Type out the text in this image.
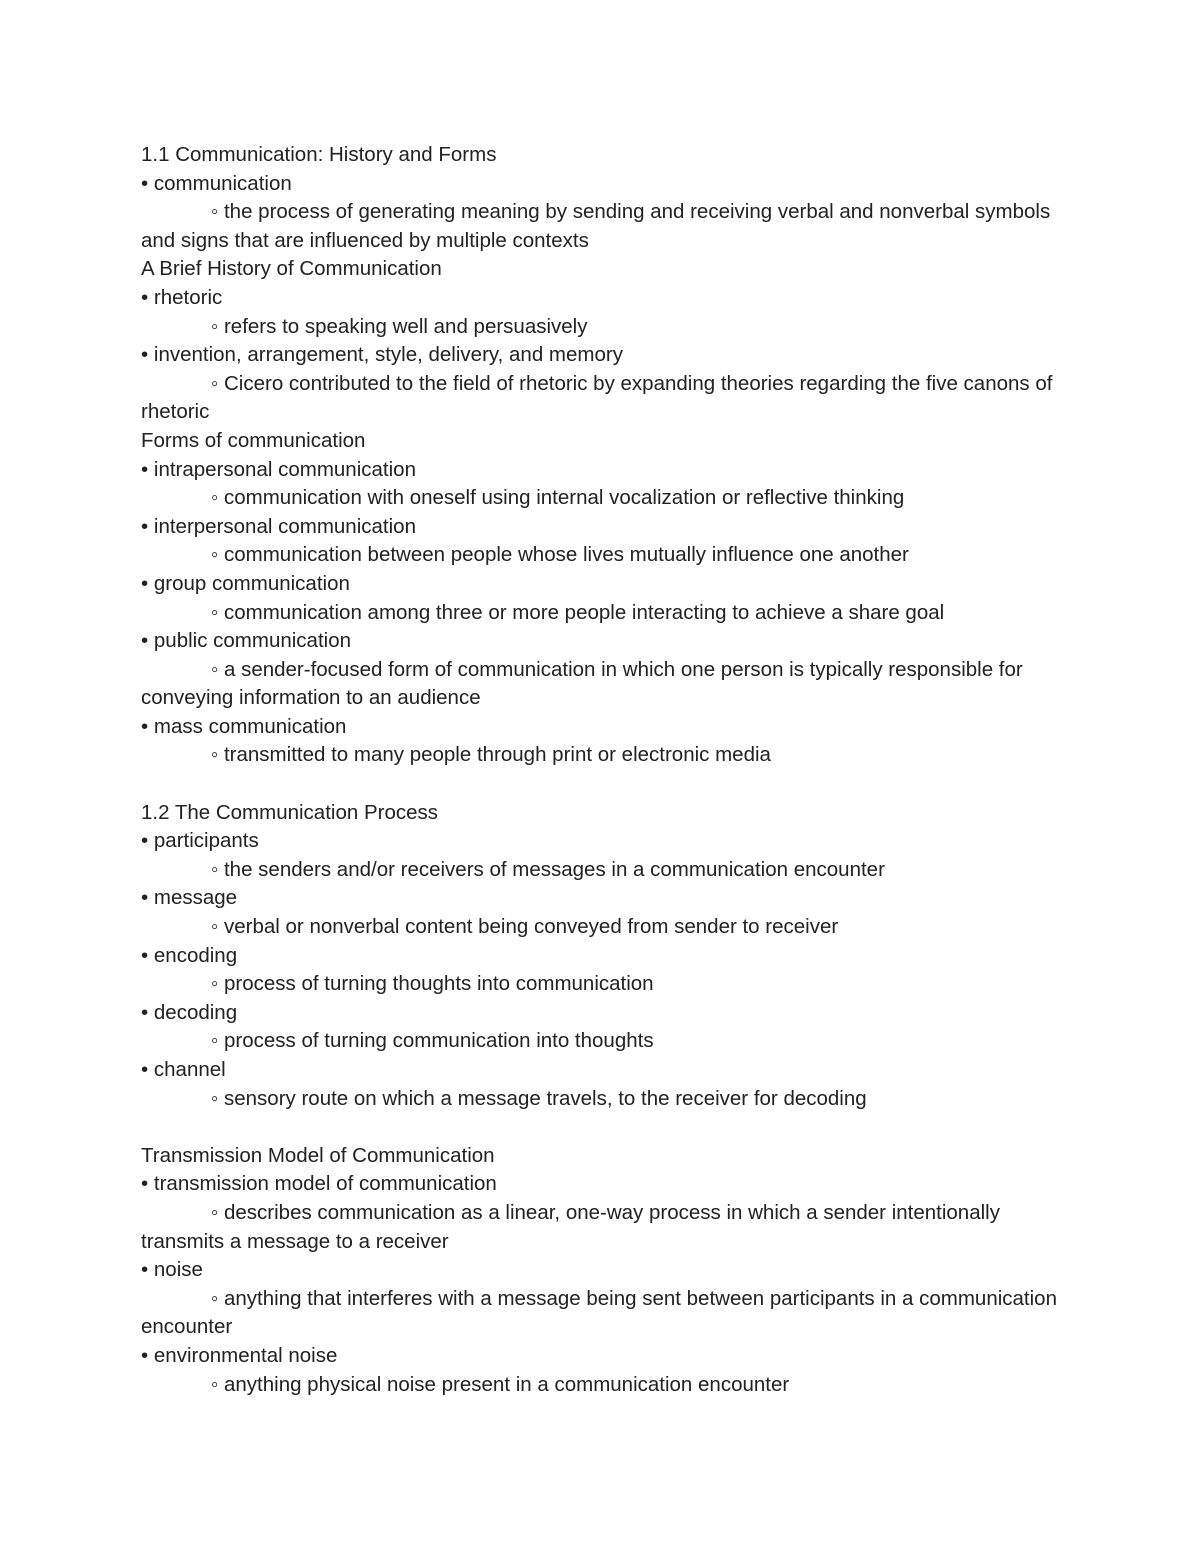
1.1 Communication: History and Forms
• communication
◦ the process of generating meaning by sending and receiving verbal and nonverbal symbols and signs that are influenced by multiple contexts
A Brief History of Communication
• rhetoric
◦ refers to speaking well and persuasively
• invention, arrangement, style, delivery, and memory
◦ Cicero contributed to the field of rhetoric by expanding theories regarding the five canons of rhetoric
Forms of communication
• intrapersonal communication
◦ communication with oneself using internal vocalization or reflective thinking
• interpersonal communication
◦ communication between people whose lives mutually influence one another
• group communication
◦ communication among three or more people interacting to achieve a share goal
• public communication
◦ a sender-focused form of communication in which one person is typically responsible for conveying information to an audience
• mass communication
◦ transmitted to many people through print or electronic media
1.2 The Communication Process
• participants
◦ the senders and/or receivers of messages in a communication encounter
• message
◦ verbal or nonverbal content being conveyed from sender to receiver
• encoding
◦ process of turning thoughts into communication
• decoding
◦ process of turning communication into thoughts
• channel
◦ sensory route on which a message travels, to the receiver for decoding
Transmission Model of Communication
• transmission model of communication
◦ describes communication as a linear, one-way process in which a sender intentionally transmits a message to a receiver
• noise
◦ anything that interferes with a message being sent between participants in a communication encounter
• environmental noise
◦ anything physical noise present in a communication encounter
